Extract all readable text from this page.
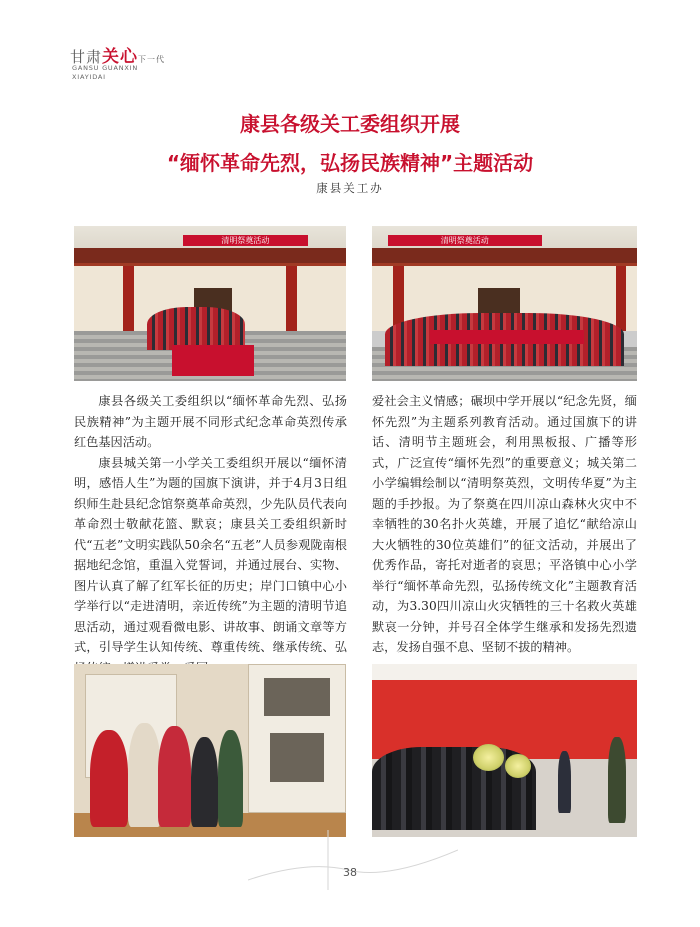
甘肃关心下一代
GANSU GUANXIN
XIAYIDAI
康县各级关工委组织开展
“缅怀革命先烈，弘扬民族精神”主题活动
康县关工办
清明祭奠活动	清明祭奠活动

康县各级关工委组织以“缅怀革命先烈、弘扬民族精神”为主题开展不同形式纪念革命英烈传承红色基因活动。

康县城关第一小学关工委组织开展以“缅怀清明，感悟人生”为题的国旗下演讲，并于4月3日组织师生赴县纪念馆祭奠革命英烈，少先队员代表向革命烈士敬献花篮、默哀；康县关工委组织新时代“五老”文明实践队50余名“五老”人员参观陇南根据地纪念馆，重温入党誓词，并通过展台、实物、图片认真了解了红军长征的历史；岸门口镇中心小学举行以“走进清明，亲近传统”为主题的清明节追思活动，通过观看微电影、讲故事、朗诵文章等方式，引导学生认知传统、尊重传统、继承传统、弘

爱社会主义情感；碾坝中学开展以“纪念先贤，缅怀先烈”为主题系列教育活动。通过国旗下的讲话、清明节主题班会，利用黑板报、广播等形式，广泛宣传“缅怀先烈”的重要意义；城关第二小学编辑绘制以“清明祭英烈，文明传华夏”为主题的手抄报。为了祭奠在四川凉山森林火灾中不幸牺牲的30名扑火英雄，开展了追忆“献给凉山大火牺牲的30位英雄们”的征文活动，并展出了优秀作品，寄托对逝者的哀思；平洛镇中心小学举行“缅怀革命先烈，弘扬传统文化”主题教育活动，为3.30四川凉山火灾牺牲的三十名救火英雄默哀一分钟，并号召全体学生继承和发扬先烈遗志，发扬自强不息、坚韧不拔的精神。

38
